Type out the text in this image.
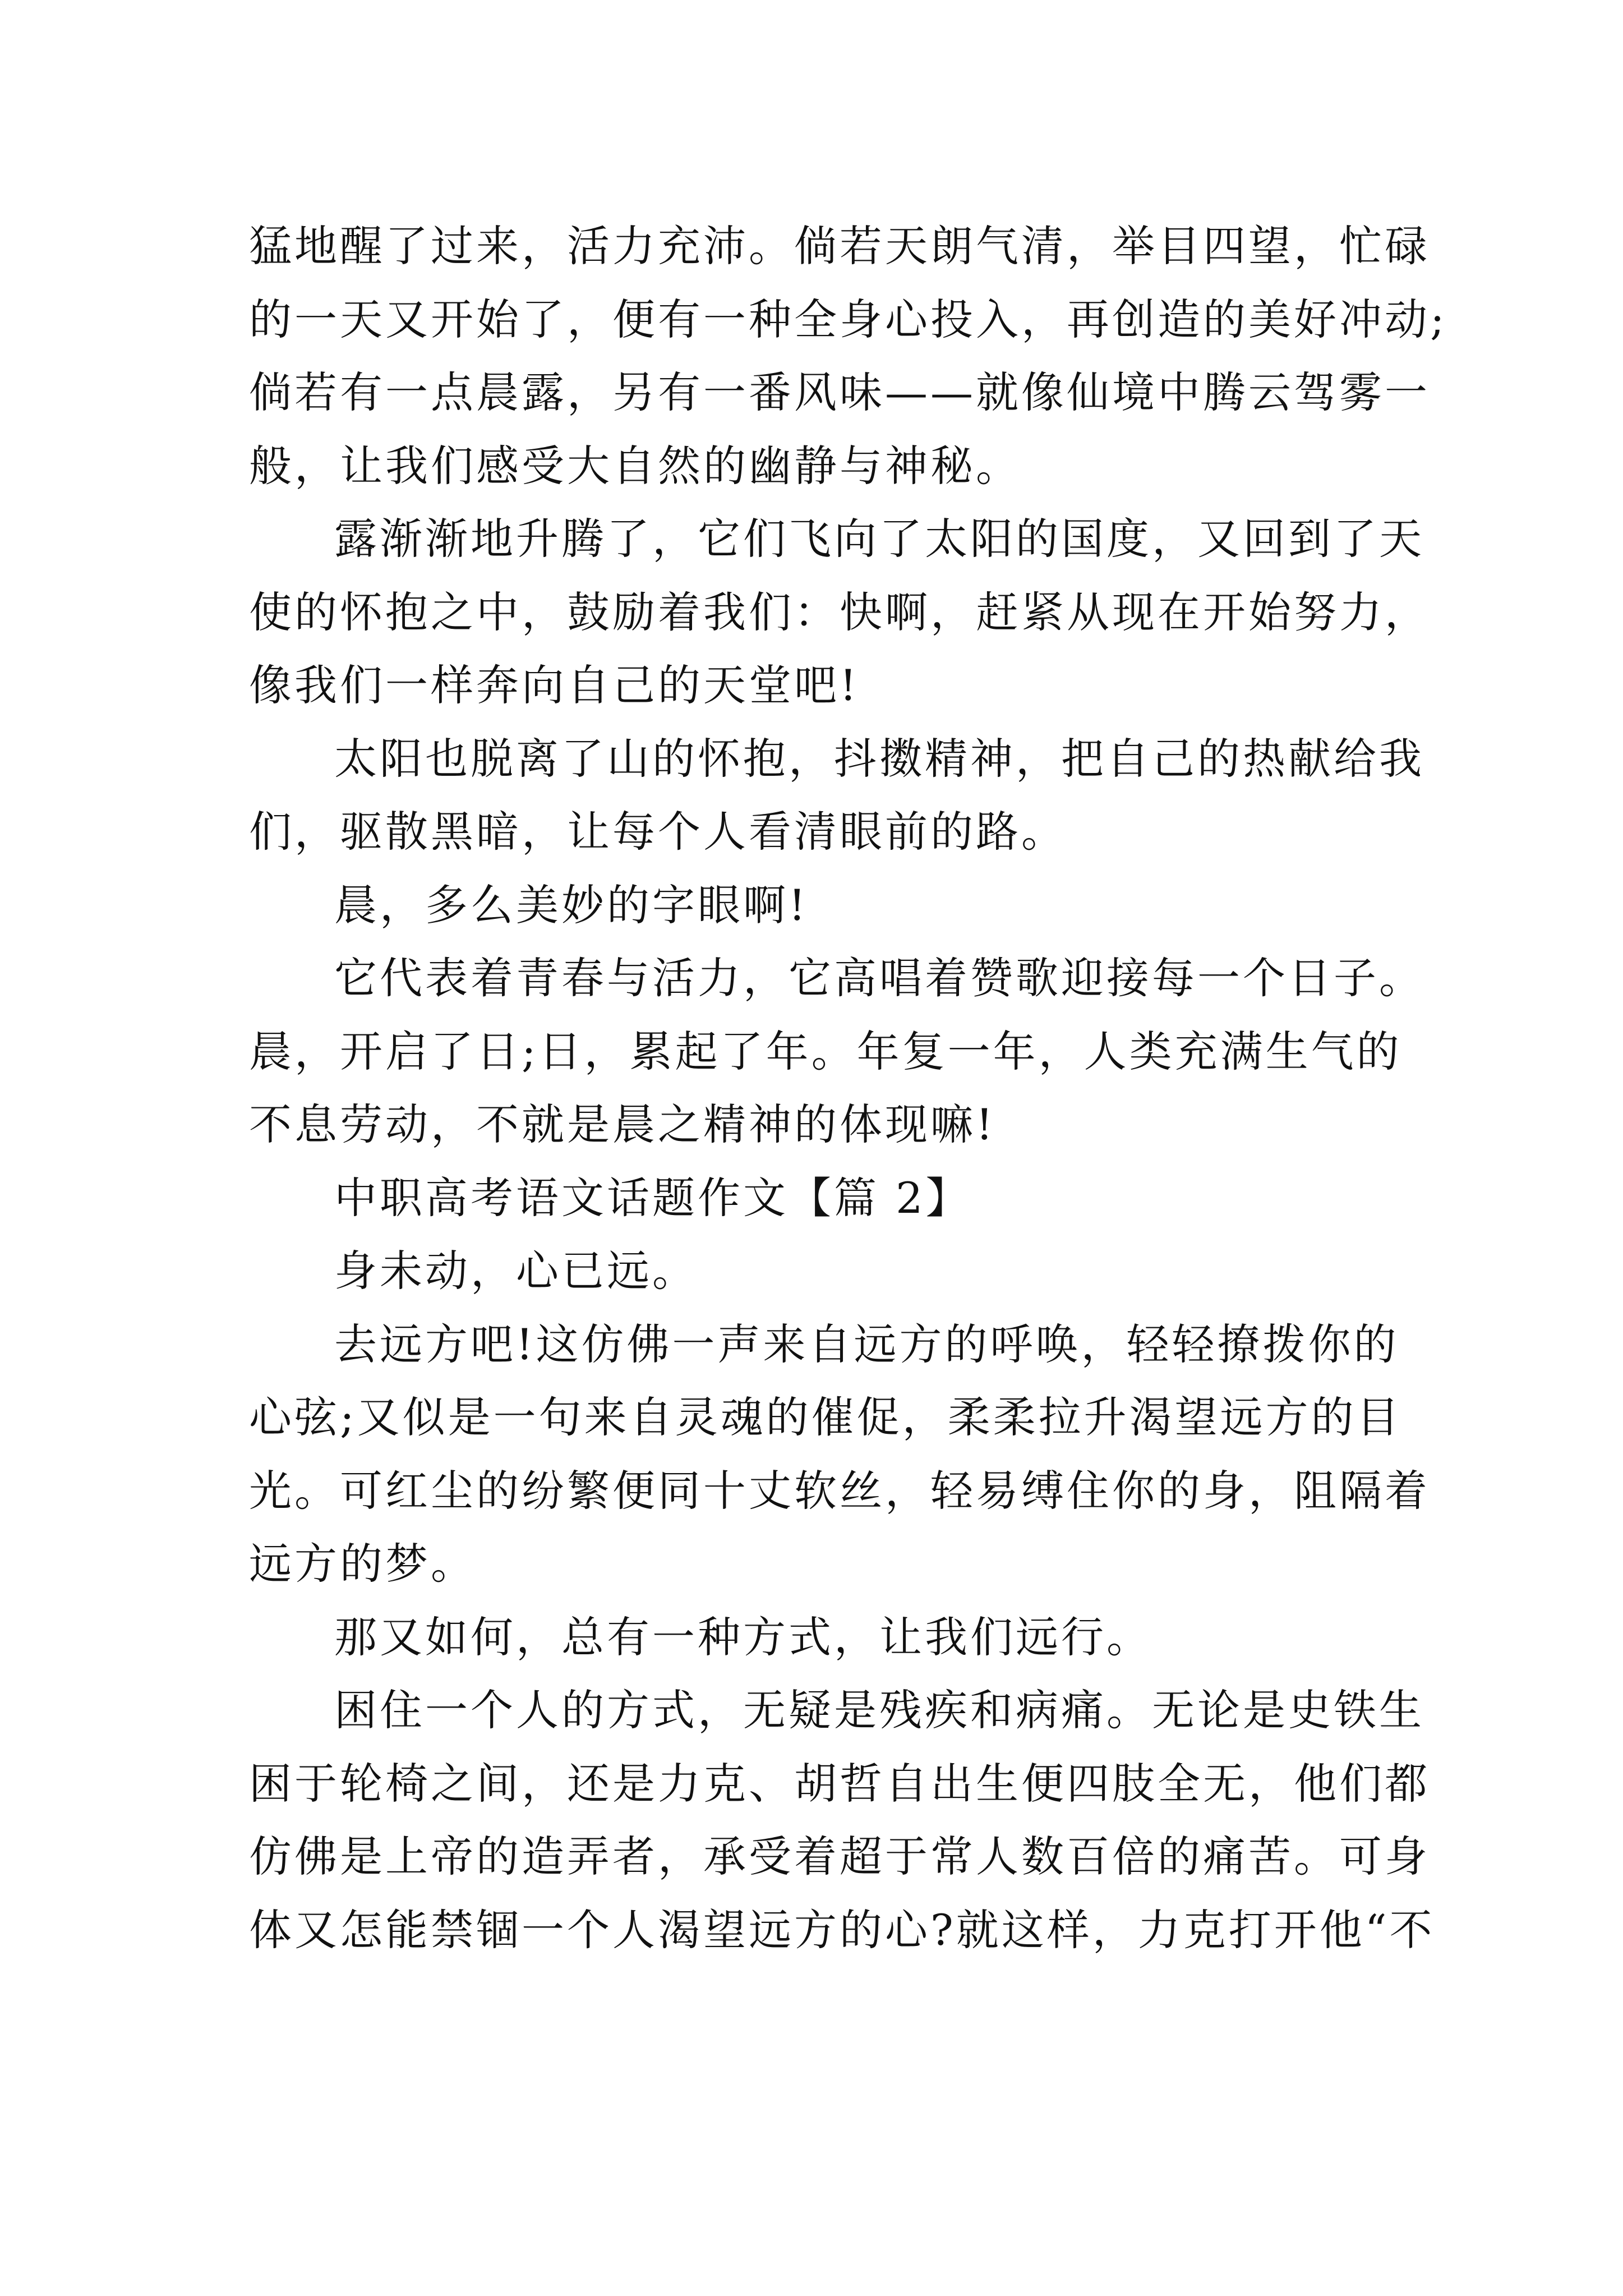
猛地醒了过来，活力充沛。倘若天朗气清，举目四望，忙碌
的一天又开始了，便有一种全身心投入，再创造的美好冲动;
倘若有一点晨露，另有一番风味——就像仙境中腾云驾雾一
般，让我们感受大自然的幽静与神秘。
露渐渐地升腾了，它们飞向了太阳的国度，又回到了天
使的怀抱之中，鼓励着我们：快啊，赶紧从现在开始努力，
像我们一样奔向自己的天堂吧!
太阳也脱离了山的怀抱，抖擞精神，把自己的热献给我
们，驱散黑暗，让每个人看清眼前的路。
晨，多么美妙的字眼啊!
它代表着青春与活力，它高唱着赞歌迎接每一个日子。
晨，开启了日;日，累起了年。年复一年，人类充满生气的
不息劳动，不就是晨之精神的体现嘛!
中职高考语文话题作文【篇 2】
身未动，心已远。
去远方吧!这仿佛一声来自远方的呼唤，轻轻撩拨你的
心弦;又似是一句来自灵魂的催促，柔柔拉升渴望远方的目
光。可红尘的纷繁便同十丈软丝，轻易缚住你的身，阻隔着
远方的梦。
那又如何，总有一种方式，让我们远行。
困住一个人的方式，无疑是残疾和病痛。无论是史铁生
困于轮椅之间，还是力克、胡哲自出生便四肢全无，他们都
仿佛是上帝的造弄者，承受着超于常人数百倍的痛苦。可身
体又怎能禁锢一个人渴望远方的心?就这样，力克打开他“不
